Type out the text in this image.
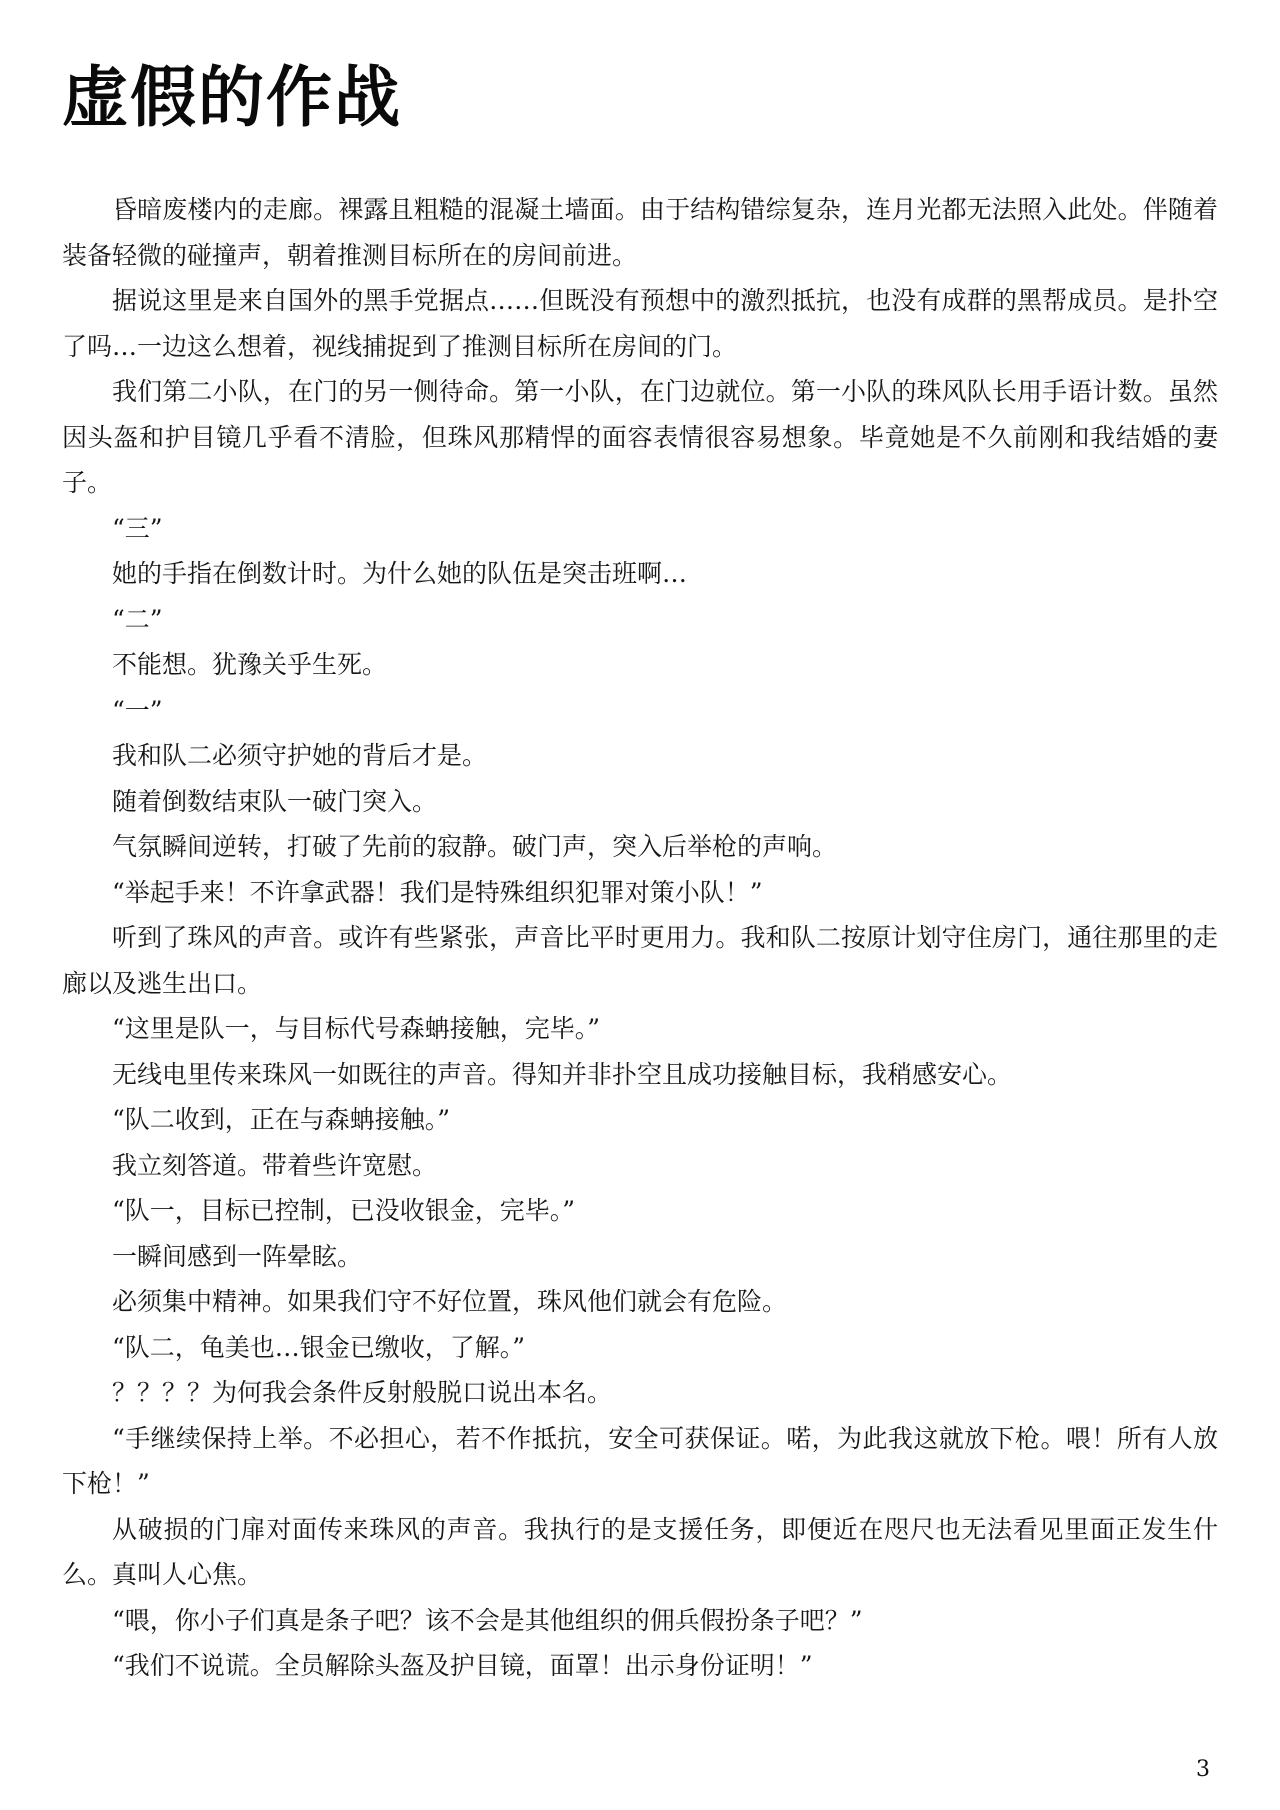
虚假的作战

昏暗废楼内的走廊。裸露且粗糙的混凝土墙面。由于结构错综复杂，连月光都无法照入此处。伴随着装备轻微的碰撞声，朝着推测目标所在的房间前进。

据说这里是来自国外的黑手党据点……但既没有预想中的激烈抵抗，也没有成群的黑帮成员。是扑空了吗…一边这么想着，视线捕捉到了推测目标所在房间的门。

我们第二小队，在门的另一侧待命。第一小队，在门边就位。第一小队的珠风队长用手语计数。虽然因头盔和护目镜几乎看不清脸，但珠风那精悍的面容表情很容易想象。毕竟她是不久前刚和我结婚的妻子。

“三”

她的手指在倒数计时。为什么她的队伍是突击班啊…

“二”

不能想。犹豫关乎生死。

“一”

我和队二必须守护她的背后才是。

随着倒数结束队一破门突入。

气氛瞬间逆转，打破了先前的寂静。破门声，突入后举枪的声响。

“举起手来！不许拿武器！我们是特殊组织犯罪对策小队！”

听到了珠风的声音。或许有些紧张，声音比平时更用力。我和队二按原计划守住房门，通往那里的走廊以及逃生出口。

“这里是队一，与目标代号森蚺接触，完毕。”

无线电里传来珠风一如既往的声音。得知并非扑空且成功接触目标，我稍感安心。

“队二收到，正在与森蚺接触。”

我立刻答道。带着些许宽慰。

“队一，目标已控制，已没收银金，完毕。”

一瞬间感到一阵晕眩。

必须集中精神。如果我们守不好位置，珠风他们就会有危险。

“队二，龟美也…银金已缴收，了解。”

？？？？为何我会条件反射般脱口说出本名。

“手继续保持上举。不必担心，若不作抵抗，安全可获保证。喏，为此我这就放下枪。喂！所有人放下枪！”

从破损的门扉对面传来珠风的声音。我执行的是支援任务，即便近在咫尺也无法看见里面正发生什么。真叫人心焦。

“喂，你小子们真是条子吧？该不会是其他组织的佣兵假扮条子吧？”

“我们不说谎。全员解除头盔及护目镜，面罩！出示身份证明！”

3
